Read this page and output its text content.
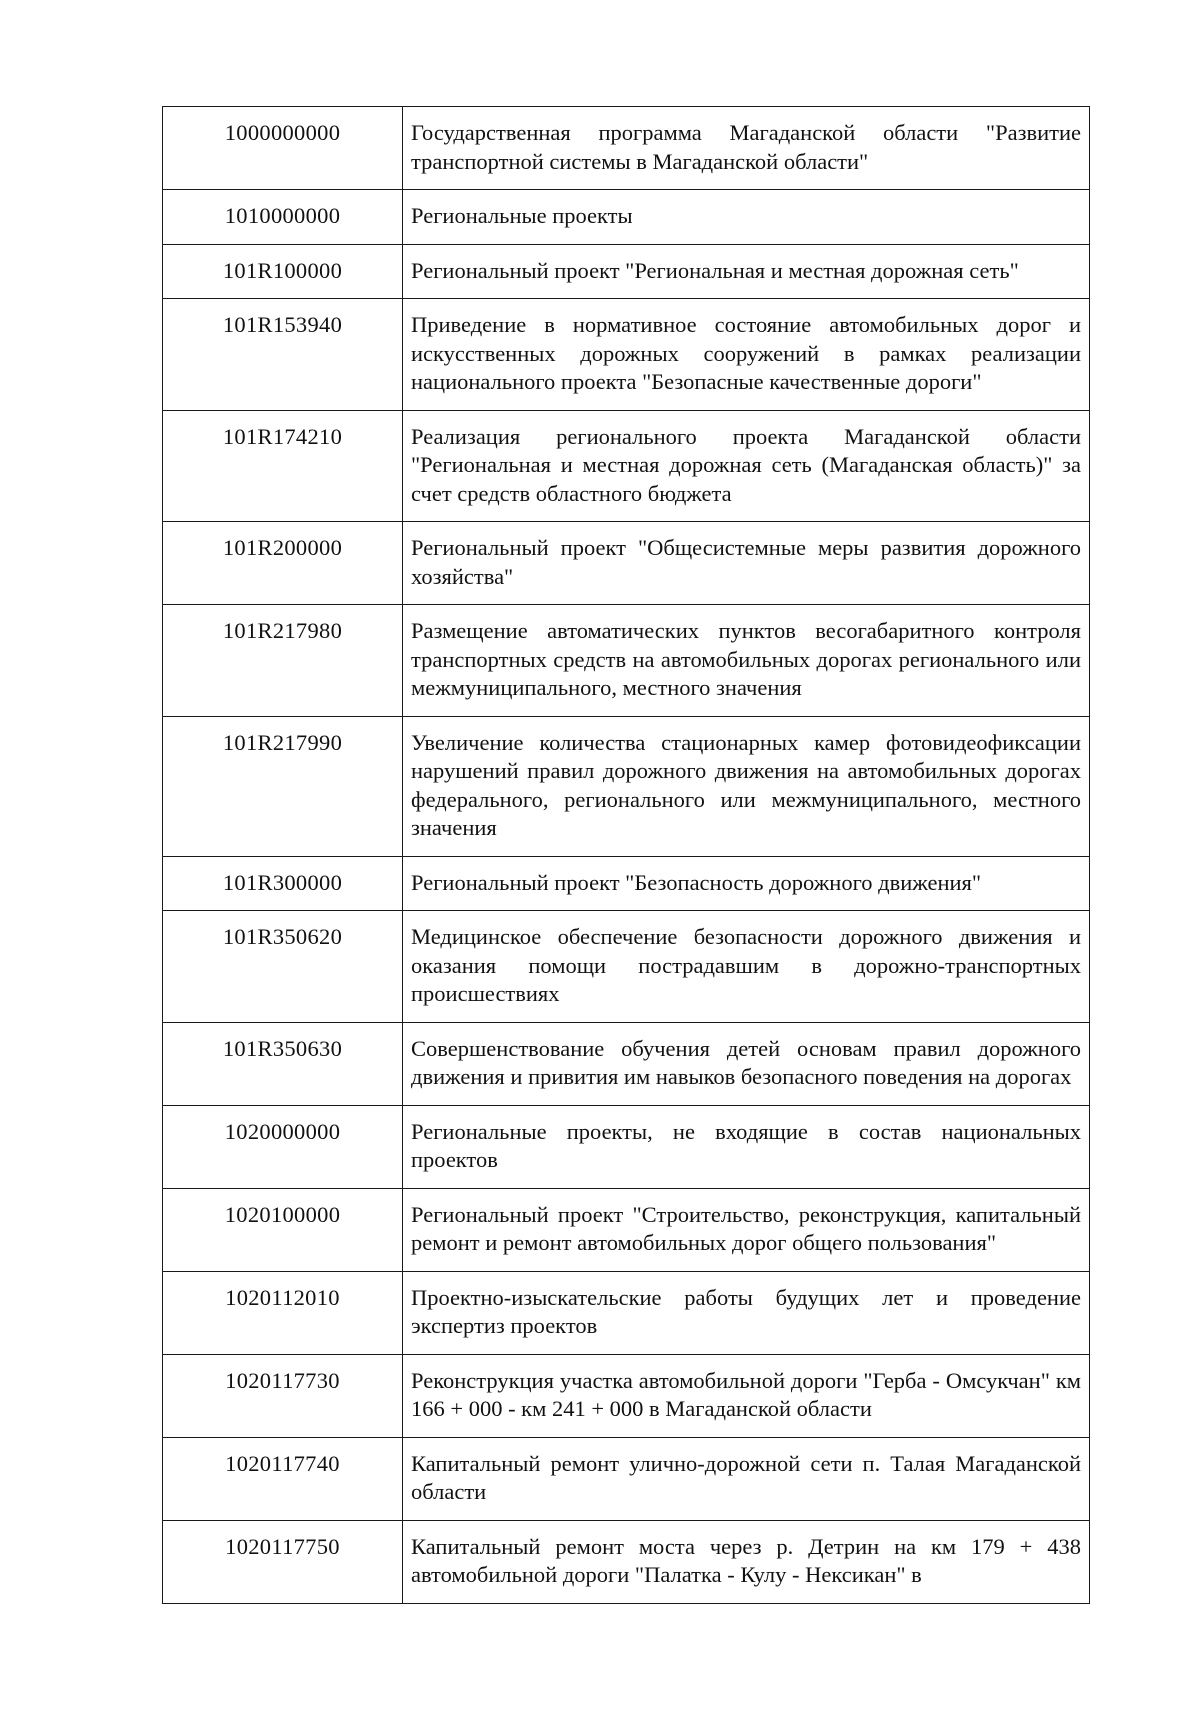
1000000000	Государственная программа Магаданской области "Развитие транспортной системы в Магаданской области"
1010000000	Региональные проекты
101R100000	Региональный проект "Региональная и местная дорожная сеть"
101R153940	Приведение в нормативное состояние автомобильных дорог и искусственных дорожных сооружений в рамках реализации национального проекта "Безопасные качественные дороги"
101R174210	Реализация регионального проекта Магаданской области "Региональная и местная дорожная сеть (Магаданская область)" за счет средств областного бюджета
101R200000	Региональный проект "Общесистемные меры развития дорожного хозяйства"
101R217980	Размещение автоматических пунктов весогабаритного контроля транспортных средств на автомобильных дорогах регионального или межмуниципального, местного значения
101R217990	Увеличение количества стационарных камер фотовидеофиксации нарушений правил дорожного движения на автомобильных дорогах федерального, регионального или межмуниципального, местного значения
101R300000	Региональный проект "Безопасность дорожного движения"
101R350620	Медицинское обеспечение безопасности дорожного движения и оказания помощи пострадавшим в дорожно-транспортных происшествиях
101R350630	Совершенствование обучения детей основам правил дорожного движения и привития им навыков безопасного поведения на дорогах
1020000000	Региональные проекты, не входящие в состав национальных проектов
1020100000	Региональный проект "Строительство, реконструкция, капитальный ремонт и ремонт автомобильных дорог общего пользования"
1020112010	Проектно-изыскательские работы будущих лет и проведение экспертиз проектов
1020117730	Реконструкция участка автомобильной дороги "Герба - Омсукчан" км 166 + 000 - км 241 + 000 в Магаданской области
1020117740	Капитальный ремонт улично-дорожной сети п. Талая Магаданской области
1020117750	Капитальный ремонт моста через р. Детрин на км 179 + 438 автомобильной дороги "Палатка - Кулу - Нексикан" в
